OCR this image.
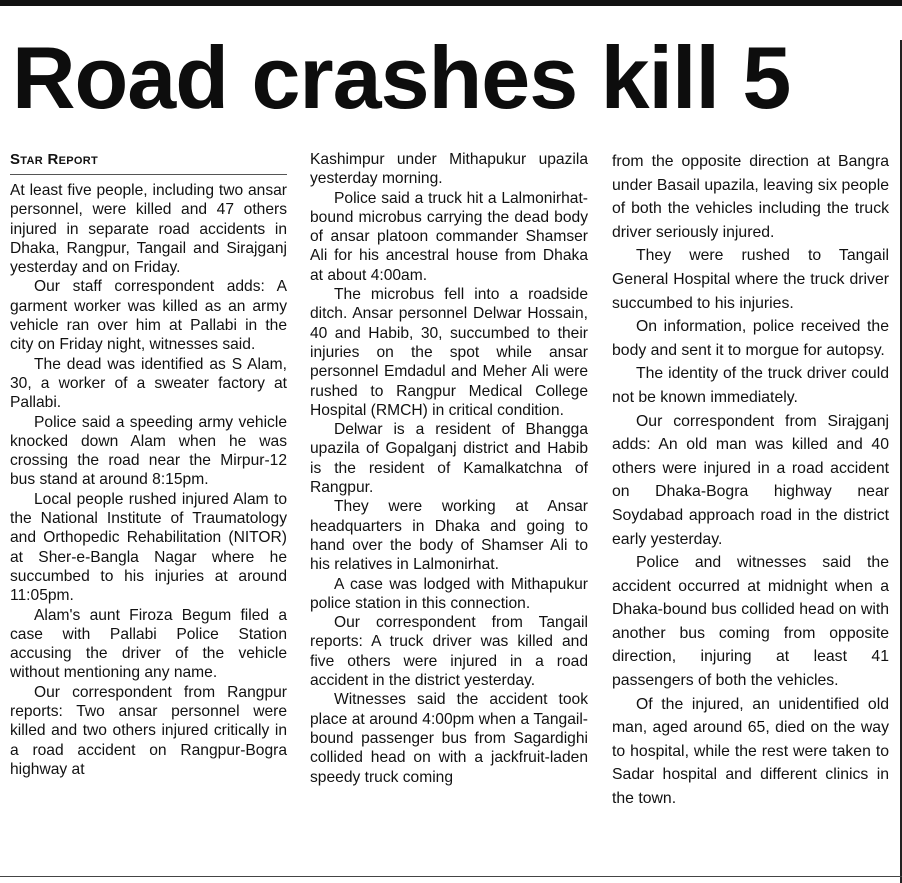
Road crashes kill 5
Star Report

At least five people, including two ansar personnel, were killed and 47 others injured in separate road accidents in Dhaka, Rangpur, Tangail and Sirajganj yesterday and on Friday.

Our staff correspondent adds: A garment worker was killed as an army vehicle ran over him at Pallabi in the city on Friday night, witnesses said.

The dead was identified as S Alam, 30, a worker of a sweater factory at Pallabi.

Police said a speeding army vehicle knocked down Alam when he was crossing the road near the Mirpur-12 bus stand at around 8:15pm.

Local people rushed injured Alam to the National Institute of Traumatology and Orthopedic Rehabilitation (NITOR) at Sher-e-Bangla Nagar where he succumbed to his injuries at around 11:05pm.

Alam's aunt Firoza Begum filed a case with Pallabi Police Station accusing the driver of the vehicle without mentioning any name.

Our correspondent from Rangpur reports: Two ansar personnel were killed and two others injured critically in a road accident on Rangpur-Bogra highway at

Kashimpur under Mithapukur upazila yesterday morning.

Police said a truck hit a Lalmonirhat-bound microbus carrying the dead body of ansar platoon commander Shamser Ali for his ancestral house from Dhaka at about 4:00am.

The microbus fell into a roadside ditch. Ansar personnel Delwar Hossain, 40 and Habib, 30, succumbed to their injuries on the spot while ansar personnel Emdadul and Meher Ali were rushed to Rangpur Medical College Hospital (RMCH) in critical condition.

Delwar is a resident of Bhangga upazila of Gopalganj district and Habib is the resident of Kamalkatchna of Rangpur.

They were working at Ansar headquarters in Dhaka and going to hand over the body of Shamser Ali to his relatives in Lalmonirhat.

A case was lodged with Mithapukur police station in this connection.

Our correspondent from Tangail reports: A truck driver was killed and five others were injured in a road accident in the district yesterday.

Witnesses said the accident took place at around 4:00pm when a Tangail-bound passenger bus from Sagardighi collided head on with a jackfruit-laden speedy truck coming

from the opposite direction at Bangra under Basail upazila, leaving six people of both the vehicles including the truck driver seriously injured.

They were rushed to Tangail General Hospital where the truck driver succumbed to his injuries.

On information, police received the body and sent it to morgue for autopsy.

The identity of the truck driver could not be known immediately.

Our correspondent from Sirajganj adds: An old man was killed and 40 others were injured in a road accident on Dhaka-Bogra highway near Soydabad approach road in the district early yesterday.

Police and witnesses said the accident occurred at midnight when a Dhaka-bound bus collided head on with another bus coming from opposite direction, injuring at least 41 passengers of both the vehicles.

Of the injured, an unidentified old man, aged around 65, died on the way to hospital, while the rest were taken to Sadar hospital and different clinics in the town.
